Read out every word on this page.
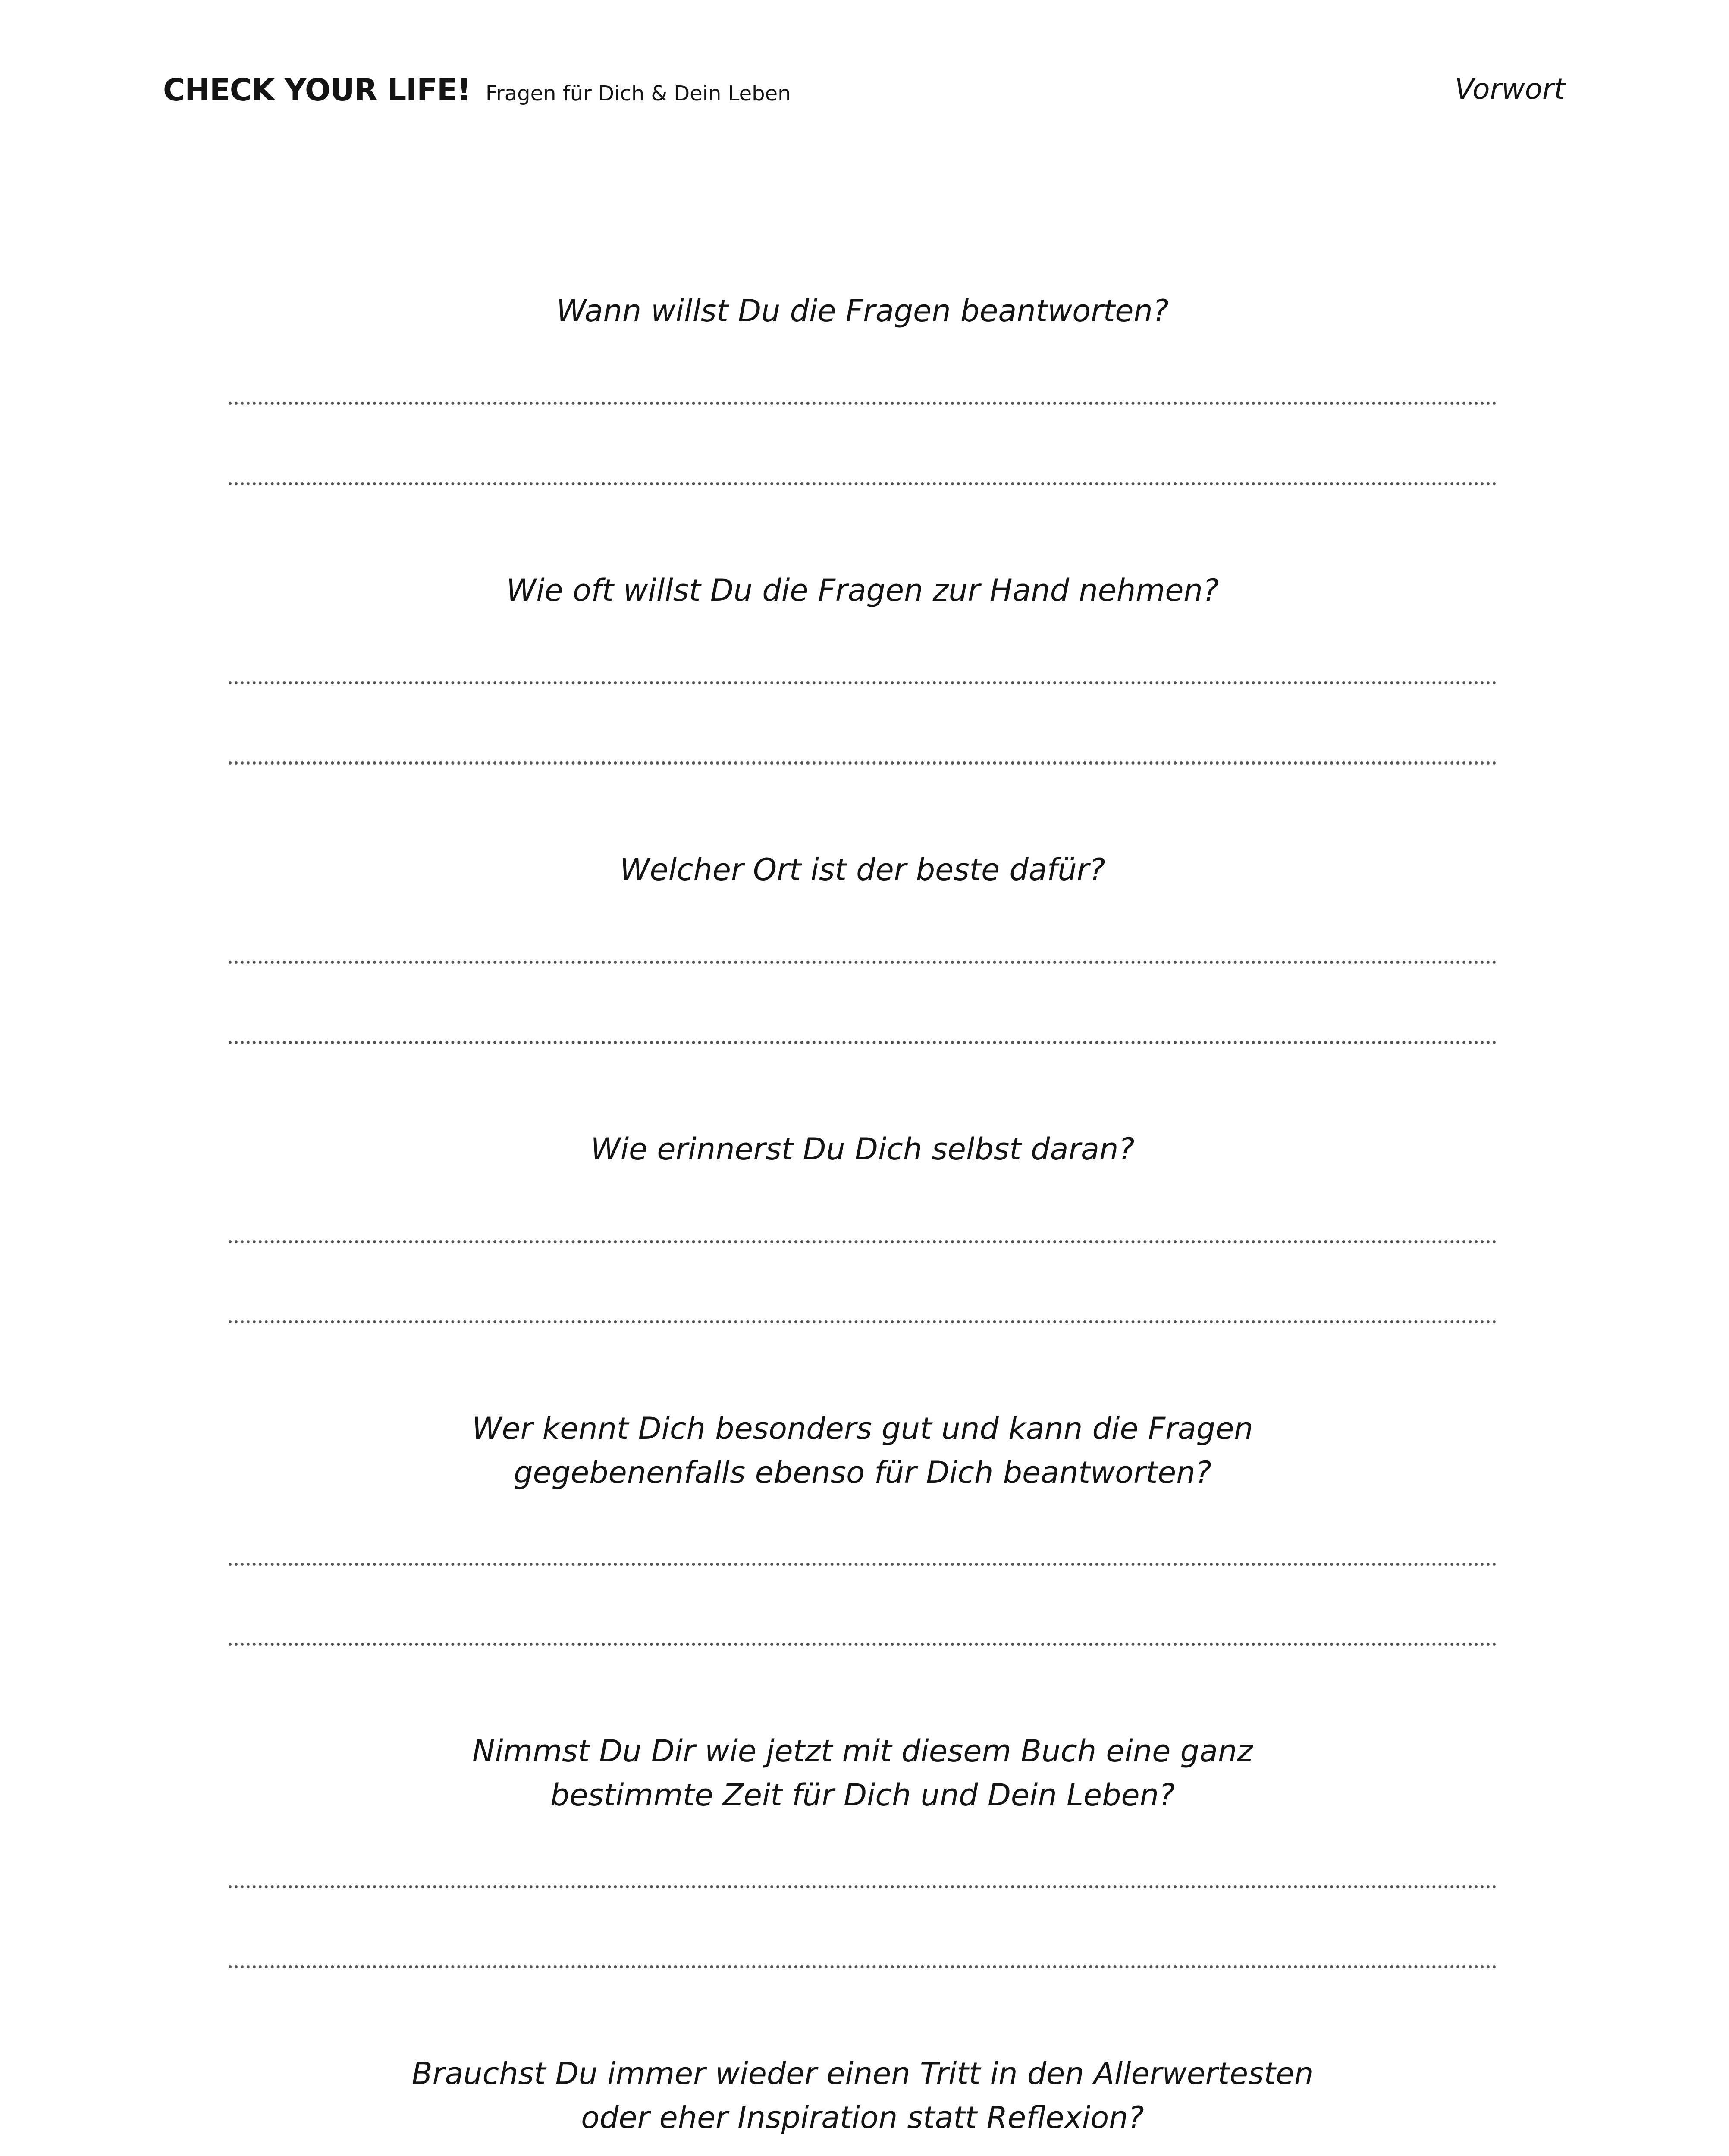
CHECK YOUR LIFE! Fragen für Dich & Dein Leben	Vorwort
Wann willst Du die Fragen beantworten?
Wie oft willst Du die Fragen zur Hand nehmen?
Welcher Ort ist der beste dafür?
Wie erinnerst Du Dich selbst daran?
Wer kennt Dich besonders gut und kann die Fragen
gegebenenfalls ebenso für Dich beantworten?
Nimmst Du Dir wie jetzt mit diesem Buch eine ganz
bestimmte Zeit für Dich und Dein Leben?
Brauchst Du immer wieder einen Tritt in den Allerwertesten
oder eher Inspiration statt Reflexion?
